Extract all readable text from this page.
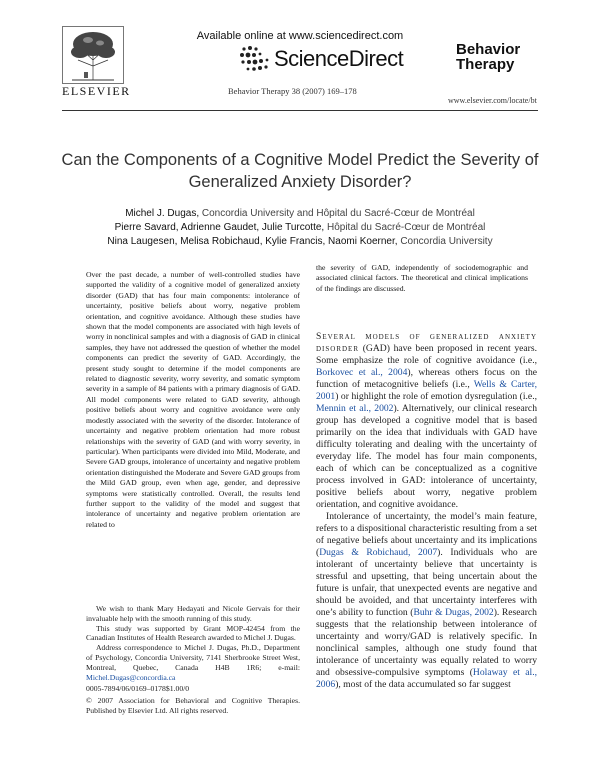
Available online at www.sciencedirect.com
ScienceDirect
ELSEVIER	Behavior Therapy 38 (2007) 169–178
Behavior
Therapy
www.elsevier.com/locate/bt
Can the Components of a Cognitive Model Predict the Severity of Generalized Anxiety Disorder?
Michel J. Dugas, Concordia University and Hôpital du Sacré-Cœur de Montréal
Pierre Savard, Adrienne Gaudet, Julie Turcotte, Hôpital du Sacré-Cœur de Montréal
Nina Laugesen, Melisa Robichaud, Kylie Francis, Naomi Koerner, Concordia University
Over the past decade, a number of well-controlled studies have supported the validity of a cognitive model of generalized anxiety disorder (GAD) that has four main components: intolerance of uncertainty, positive beliefs about worry, negative problem orientation, and cognitive avoidance. Although these studies have shown that the model components are associated with high levels of worry in nonclinical samples and with a diagnosis of GAD in clinical samples, they have not addressed the question of whether the model components can predict the severity of GAD. Accordingly, the present study sought to determine if the model components are related to diagnostic severity, worry severity, and somatic symptom severity in a sample of 84 patients with a primary diagnosis of GAD. All model components were related to GAD severity, although positive beliefs about worry and cognitive avoidance were only modestly associated with the severity of the disorder. Intolerance of uncertainty and negative problem orientation had more robust relationships with the severity of GAD (and with worry severity, in particular). When participants were divided into Mild, Moderate, and Severe GAD groups, intolerance of uncertainty and negative problem orientation distinguished the Moderate and Severe GAD groups from the Mild GAD group, even when age, gender, and depressive symptoms were statistically controlled. Overall, the results lend further support to the validity of the model and suggest that intolerance of uncertainty and negative problem orientation are related to
the severity of GAD, independently of sociodemographic and associated clinical factors. The theoretical and clinical implications of the findings are discussed.

Several models of generalized anxiety disorder (GAD) have been proposed in recent years. Some emphasize the role of cognitive avoidance (i.e., Borkovec et al., 2004), whereas others focus on the function of metacognitive beliefs (i.e., Wells & Carter, 2001) or highlight the role of emotion dysregulation (i.e., Mennin et al., 2002). Alternatively, our clinical research group has developed a cognitive model that is based primarily on the idea that individuals with GAD have difficulty tolerating and dealing with the uncertainty of everyday life. The model has four main components, each of which can be conceptualized as a cognitive process involved in GAD: intolerance of uncertainty, positive beliefs about worry, negative problem orientation, and cognitive avoidance.

Intolerance of uncertainty, the model’s main feature, refers to a dispositional characteristic resulting from a set of negative beliefs about uncertainty and its implications (Dugas & Robichaud, 2007). Individuals who are intolerant of uncertainty believe that uncertainty is stressful and upsetting, that being uncertain about the future is unfair, that unexpected events are negative and should be avoided, and that uncertainty interferes with one’s ability to function (Buhr & Dugas, 2002). Research suggests that the relationship between intolerance of uncertainty and worry/GAD is relatively specific. In nonclinical samples, although one study found that intolerance of uncertainty was equally related to worry and obsessive-compulsive symptoms (Holaway et al., 2006), most of the data accumulated so far suggest

We wish to thank Mary Hedayati and Nicole Gervais for their invaluable help with the smooth running of this study.

This study was supported by Grant MOP-42454 from the Canadian Institutes of Health Research awarded to Michel J. Dugas.

Address correspondence to Michel J. Dugas, Ph.D., Department of Psychology, Concordia University, 7141 Sherbrooke Street West, Montreal, Quebec, Canada H4B 1R6; e-mail: Michel.Dugas@concordia.ca

0005-7894/06/0169–0178$1.00/0

© 2007 Association for Behavioral and Cognitive Therapies. Published by Elsevier Ltd. All rights reserved.
